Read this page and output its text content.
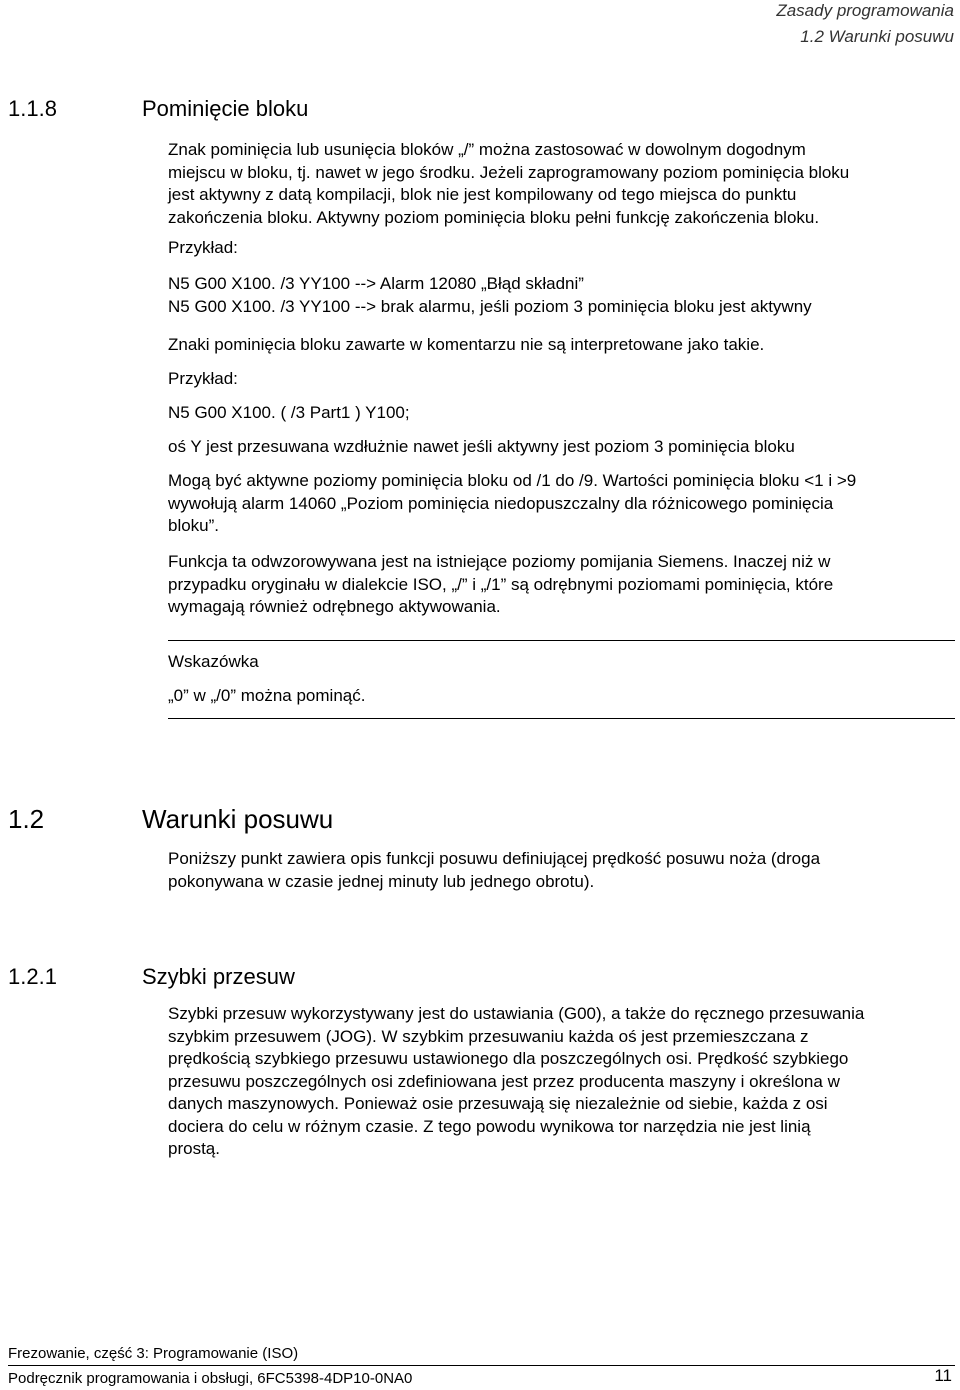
Zasady programowania
1.2 Warunki posuwu
1.1.8	Pominięcie bloku
Znak pominięcia lub usunięcia bloków „/” można zastosować w dowolnym dogodnym
miejscu w bloku, tj. nawet w jego środku. Jeżeli zaprogramowany poziom pominięcia bloku
jest aktywny z datą kompilacji, blok nie jest kompilowany od tego miejsca do punktu
zakończenia bloku. Aktywny poziom pominięcia bloku pełni funkcję zakończenia bloku.
Przykład:
N5 G00 X100. /3 YY100 --> Alarm 12080 „Błąd składni”
N5 G00 X100. /3 YY100 --> brak alarmu, jeśli poziom 3 pominięcia bloku jest aktywny
Znaki pominięcia bloku zawarte w komentarzu nie są interpretowane jako takie.
Przykład:
N5 G00 X100. ( /3 Part1 ) Y100;
oś Y jest przesuwana wzdłużnie nawet jeśli aktywny jest poziom 3 pominięcia bloku
Mogą być aktywne poziomy pominięcia bloku od /1 do /9. Wartości pominięcia bloku <1 i >9
wywołują alarm 14060 „Poziom pominięcia niedopuszczalny dla różnicowego pominięcia
bloku”.
Funkcja ta odwzorowywana jest na istniejące poziomy pomijania Siemens. Inaczej niż w
przypadku oryginału w dialekcie ISO, „/” i „/1” są odrębnymi poziomami pominięcia, które
wymagają również odrębnego aktywowania.
Wskazówka
„0” w „/0” można pominąć.
1.2	Warunki posuwu
Poniższy punkt zawiera opis funkcji posuwu definiującej prędkość posuwu noża (droga
pokonywana w czasie jednej minuty lub jednego obrotu).
1.2.1	Szybki przesuw
Szybki przesuw wykorzystywany jest do ustawiania (G00), a także do ręcznego przesuwania
szybkim przesuwem (JOG). W szybkim przesuwaniu każda oś jest przemieszczana z
prędkością szybkiego przesuwu ustawionego dla poszczególnych osi. Prędkość szybkiego
przesuwu poszczególnych osi zdefiniowana jest przez producenta maszyny i określona w
danych maszynowych. Ponieważ osie przesuwają się niezależnie od siebie, każda z osi
dociera do celu w różnym czasie. Z tego powodu wynikowa tor narzędzia nie jest linią
prostą.
Frezowanie, część 3: Programowanie (ISO)
Podręcznik programowania i obsługi, 6FC5398-4DP10-0NA0	11
